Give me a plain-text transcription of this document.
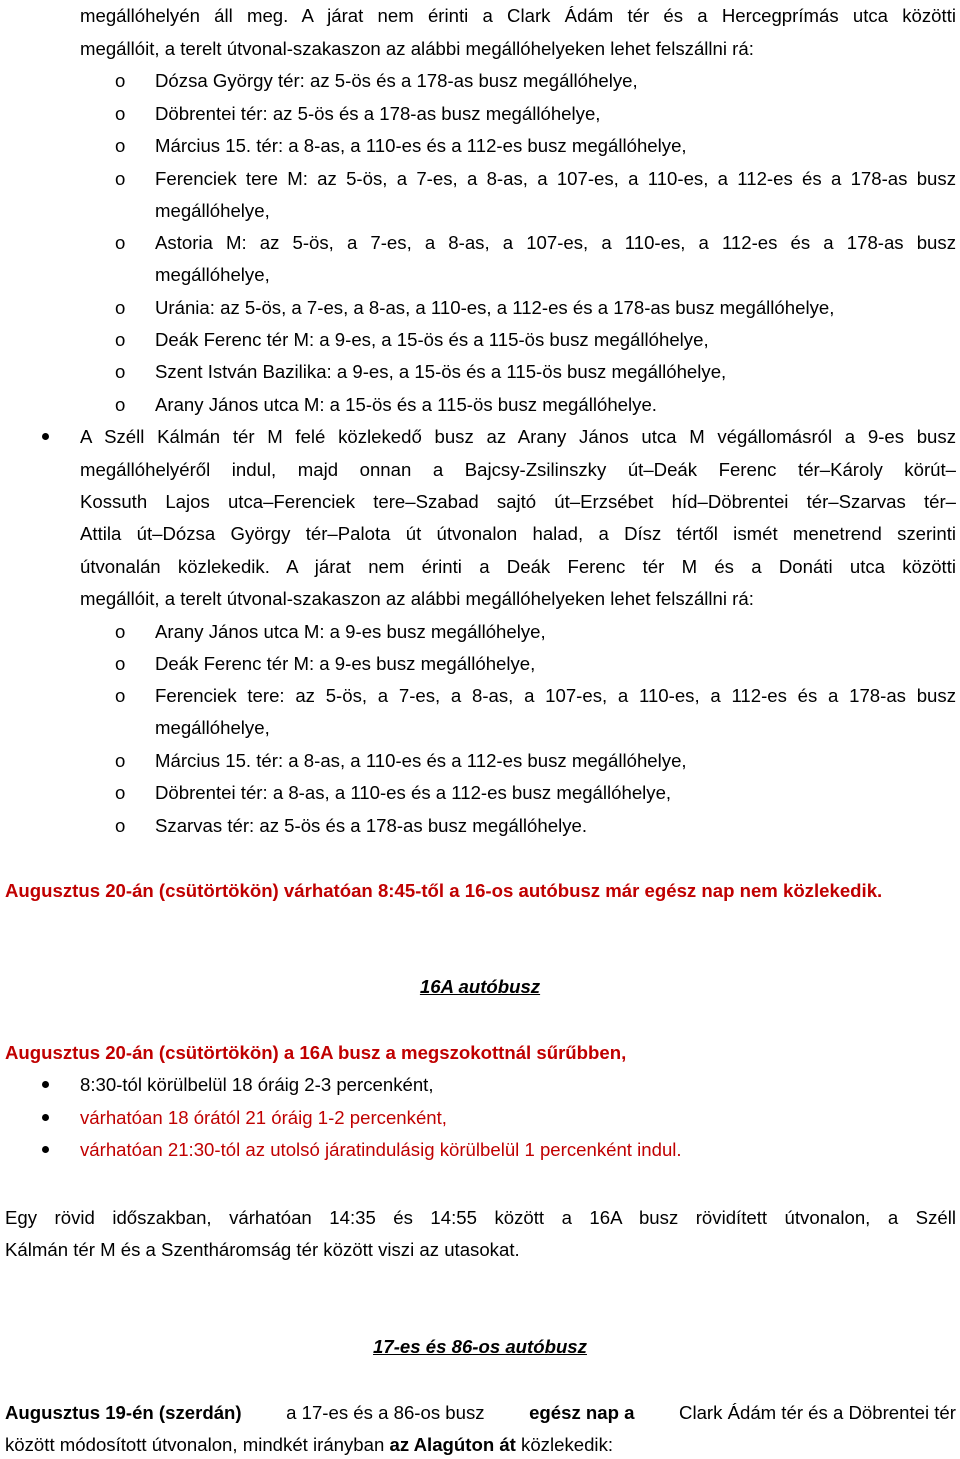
megállóhelyén áll meg. A járat nem érinti a Clark Ádám tér és a Hercegprímás utca közötti
megállóit, a terelt útvonal-szakaszon az alábbi megállóhelyeken lehet felszállni rá:
o Dózsa György tér: az 5-ös és a 178-as busz megállóhelye,
o Döbrentei tér: az 5-ös és a 178-as busz megállóhelye,
o Március 15. tér: a 8-as, a 110-es és a 112-es busz megállóhelye,
o Ferenciek tere M: az 5-ös, a 7-es, a 8-as, a 107-es, a 110-es, a 112-es és a 178-as busz
megállóhelye,
o Astoria M: az 5-ös, a 7-es, a 8-as, a 107-es, a 110-es, a 112-es és a 178-as busz
megállóhelye,
o Uránia: az 5-ös, a 7-es, a 8-as, a 110-es, a 112-es és a 178-as busz megállóhelye,
o Deák Ferenc tér M: a 9-es, a 15-ös és a 115-ös busz megállóhelye,
o Szent István Bazilika: a 9-es, a 15-ös és a 115-ös busz megállóhelye,
o Arany János utca M: a 15-ös és a 115-ös busz megállóhelye.
A Széll Kálmán tér M felé közlekedő busz az Arany János utca M végállomásról a 9-es busz
megállóhelyéről indul, majd onnan a Bajcsy-Zsilinszky út–Deák Ferenc tér–Károly körút–
Kossuth Lajos utca–Ferenciek tere–Szabad sajtó út–Erzsébet híd–Döbrentei tér–Szarvas tér–
Attila út–Dózsa György tér–Palota út útvonalon halad, a Dísz tértől ismét menetrend szerinti
útvonalán közlekedik. A járat nem érinti a Deák Ferenc tér M és a Donáti utca közötti
megállóit, a terelt útvonal-szakaszon az alábbi megállóhelyeken lehet felszállni rá:
o Arany János utca M: a 9-es busz megállóhelye,
o Deák Ferenc tér M: a 9-es busz megállóhelye,
o Ferenciek tere: az 5-ös, a 7-es, a 8-as, a 107-es, a 110-es, a 112-es és a 178-as busz
megállóhelye,
o Március 15. tér: a 8-as, a 110-es és a 112-es busz megállóhelye,
o Döbrentei tér: a 8-as, a 110-es és a 112-es busz megállóhelye,
o Szarvas tér: az 5-ös és a 178-as busz megállóhelye.
Augusztus 20-án (csütörtökön) várhatóan 8:45-től a 16-os autóbusz már egész nap nem közlekedik.
16A autóbusz
Augusztus 20-án (csütörtökön) a 16A busz a megszokottnál sűrűbben,
8:30-tól körülbelül 18 óráig 2-3 percenként,
várhatóan 18 órától 21 óráig 1-2 percenként,
várhatóan 21:30-tól az utolsó járatindulásig körülbelül 1 percenként indul.
Egy rövid időszakban, várhatóan 14:35 és 14:55 között a 16A busz rövidített útvonalon, a Széll
Kálmán tér M és a Szentháromság tér között viszi az utasokat.
17-es és 86-os autóbusz
Augusztus 19-én (szerdán) a 17-es és a 86-os busz egész nap a Clark Ádám tér és a Döbrentei tér
között módosított útvonalon, mindkét irányban az Alagúton át közlekedik:
